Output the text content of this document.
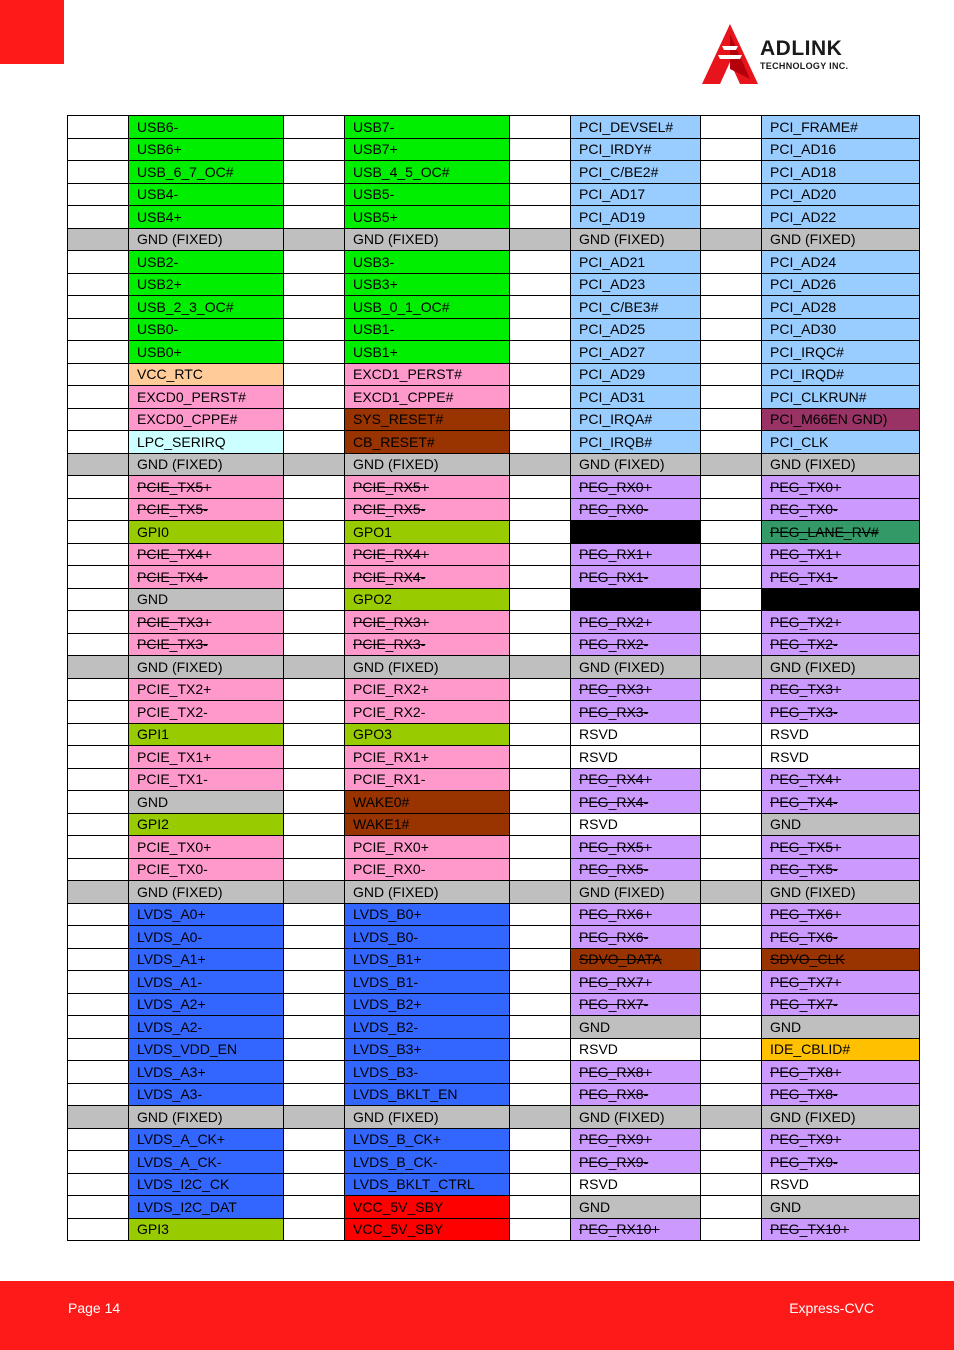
ADLINK
TECHNOLOGY INC.
	USB6-		USB7-		PCI_DEVSEL#		PCI_FRAME#
	USB6+		USB7+		PCI_IRDY#		PCI_AD16
	USB_6_7_OC#		USB_4_5_OC#		PCI_C/BE2#		PCI_AD18
	USB4-		USB5-		PCI_AD17		PCI_AD20
	USB4+		USB5+		PCI_AD19		PCI_AD22
	GND (FIXED)		GND (FIXED)		GND (FIXED)		GND (FIXED)
	USB2-		USB3-		PCI_AD21		PCI_AD24
	USB2+		USB3+		PCI_AD23		PCI_AD26
	USB_2_3_OC#		USB_0_1_OC#		PCI_C/BE3#		PCI_AD28
	USB0-		USB1-		PCI_AD25		PCI_AD30
	USB0+		USB1+		PCI_AD27		PCI_IRQC#
	VCC_RTC		EXCD1_PERST#		PCI_AD29		PCI_IRQD#
	EXCD0_PERST#		EXCD1_CPPE#		PCI_AD31		PCI_CLKRUN#
	EXCD0_CPPE#		SYS_RESET#		PCI_IRQA#		PCI_M66EN GND)
	LPC_SERIRQ		CB_RESET#		PCI_IRQB#		PCI_CLK
	GND (FIXED)		GND (FIXED)		GND (FIXED)		GND (FIXED)
	PCIE_TX5+		PCIE_RX5+		PEG_RX0+		PEG_TX0+
	PCIE_TX5-		PCIE_RX5-		PEG_RX0-		PEG_TX0-
	GPI0		GPO1		TYPE0#		PEG_LANE_RV#
	PCIE_TX4+		PCIE_RX4+		PEG_RX1+		PEG_TX1+
	PCIE_TX4-		PCIE_RX4-		PEG_RX1-		PEG_TX1-
	GND		GPO2		TYPE1#		TYPE2#
	PCIE_TX3+		PCIE_RX3+		PEG_RX2+		PEG_TX2+
	PCIE_TX3-		PCIE_RX3-		PEG_RX2-		PEG_TX2-
	GND (FIXED)		GND (FIXED)		GND (FIXED)		GND (FIXED)
	PCIE_TX2+		PCIE_RX2+		PEG_RX3+		PEG_TX3+
	PCIE_TX2-		PCIE_RX2-		PEG_RX3-		PEG_TX3-
	GPI1		GPO3		RSVD		RSVD
	PCIE_TX1+		PCIE_RX1+		RSVD		RSVD
	PCIE_TX1-		PCIE_RX1-		PEG_RX4+		PEG_TX4+
	GND		WAKE0#		PEG_RX4-		PEG_TX4-
	GPI2		WAKE1#		RSVD		GND
	PCIE_TX0+		PCIE_RX0+		PEG_RX5+		PEG_TX5+
	PCIE_TX0-		PCIE_RX0-		PEG_RX5-		PEG_TX5-
	GND (FIXED)		GND (FIXED)		GND (FIXED)		GND (FIXED)
	LVDS_A0+		LVDS_B0+		PEG_RX6+		PEG_TX6+
	LVDS_A0-		LVDS_B0-		PEG_RX6-		PEG_TX6-
	LVDS_A1+		LVDS_B1+		SDVO_DATA		SDVO_CLK
	LVDS_A1-		LVDS_B1-		PEG_RX7+		PEG_TX7+
	LVDS_A2+		LVDS_B2+		PEG_RX7-		PEG_TX7-
	LVDS_A2-		LVDS_B2-		GND		GND
	LVDS_VDD_EN		LVDS_B3+		RSVD		IDE_CBLID#
	LVDS_A3+		LVDS_B3-		PEG_RX8+		PEG_TX8+
	LVDS_A3-		LVDS_BKLT_EN		PEG_RX8-		PEG_TX8-
	GND (FIXED)		GND (FIXED)		GND (FIXED)		GND (FIXED)
	LVDS_A_CK+		LVDS_B_CK+		PEG_RX9+		PEG_TX9+
	LVDS_A_CK-		LVDS_B_CK-		PEG_RX9-		PEG_TX9-
	LVDS_I2C_CK		LVDS_BKLT_CTRL		RSVD		RSVD
	LVDS_I2C_DAT		VCC_5V_SBY		GND		GND
	GPI3		VCC_5V_SBY		PEG_RX10+		PEG_TX10+
Page 14	Express-CVC
